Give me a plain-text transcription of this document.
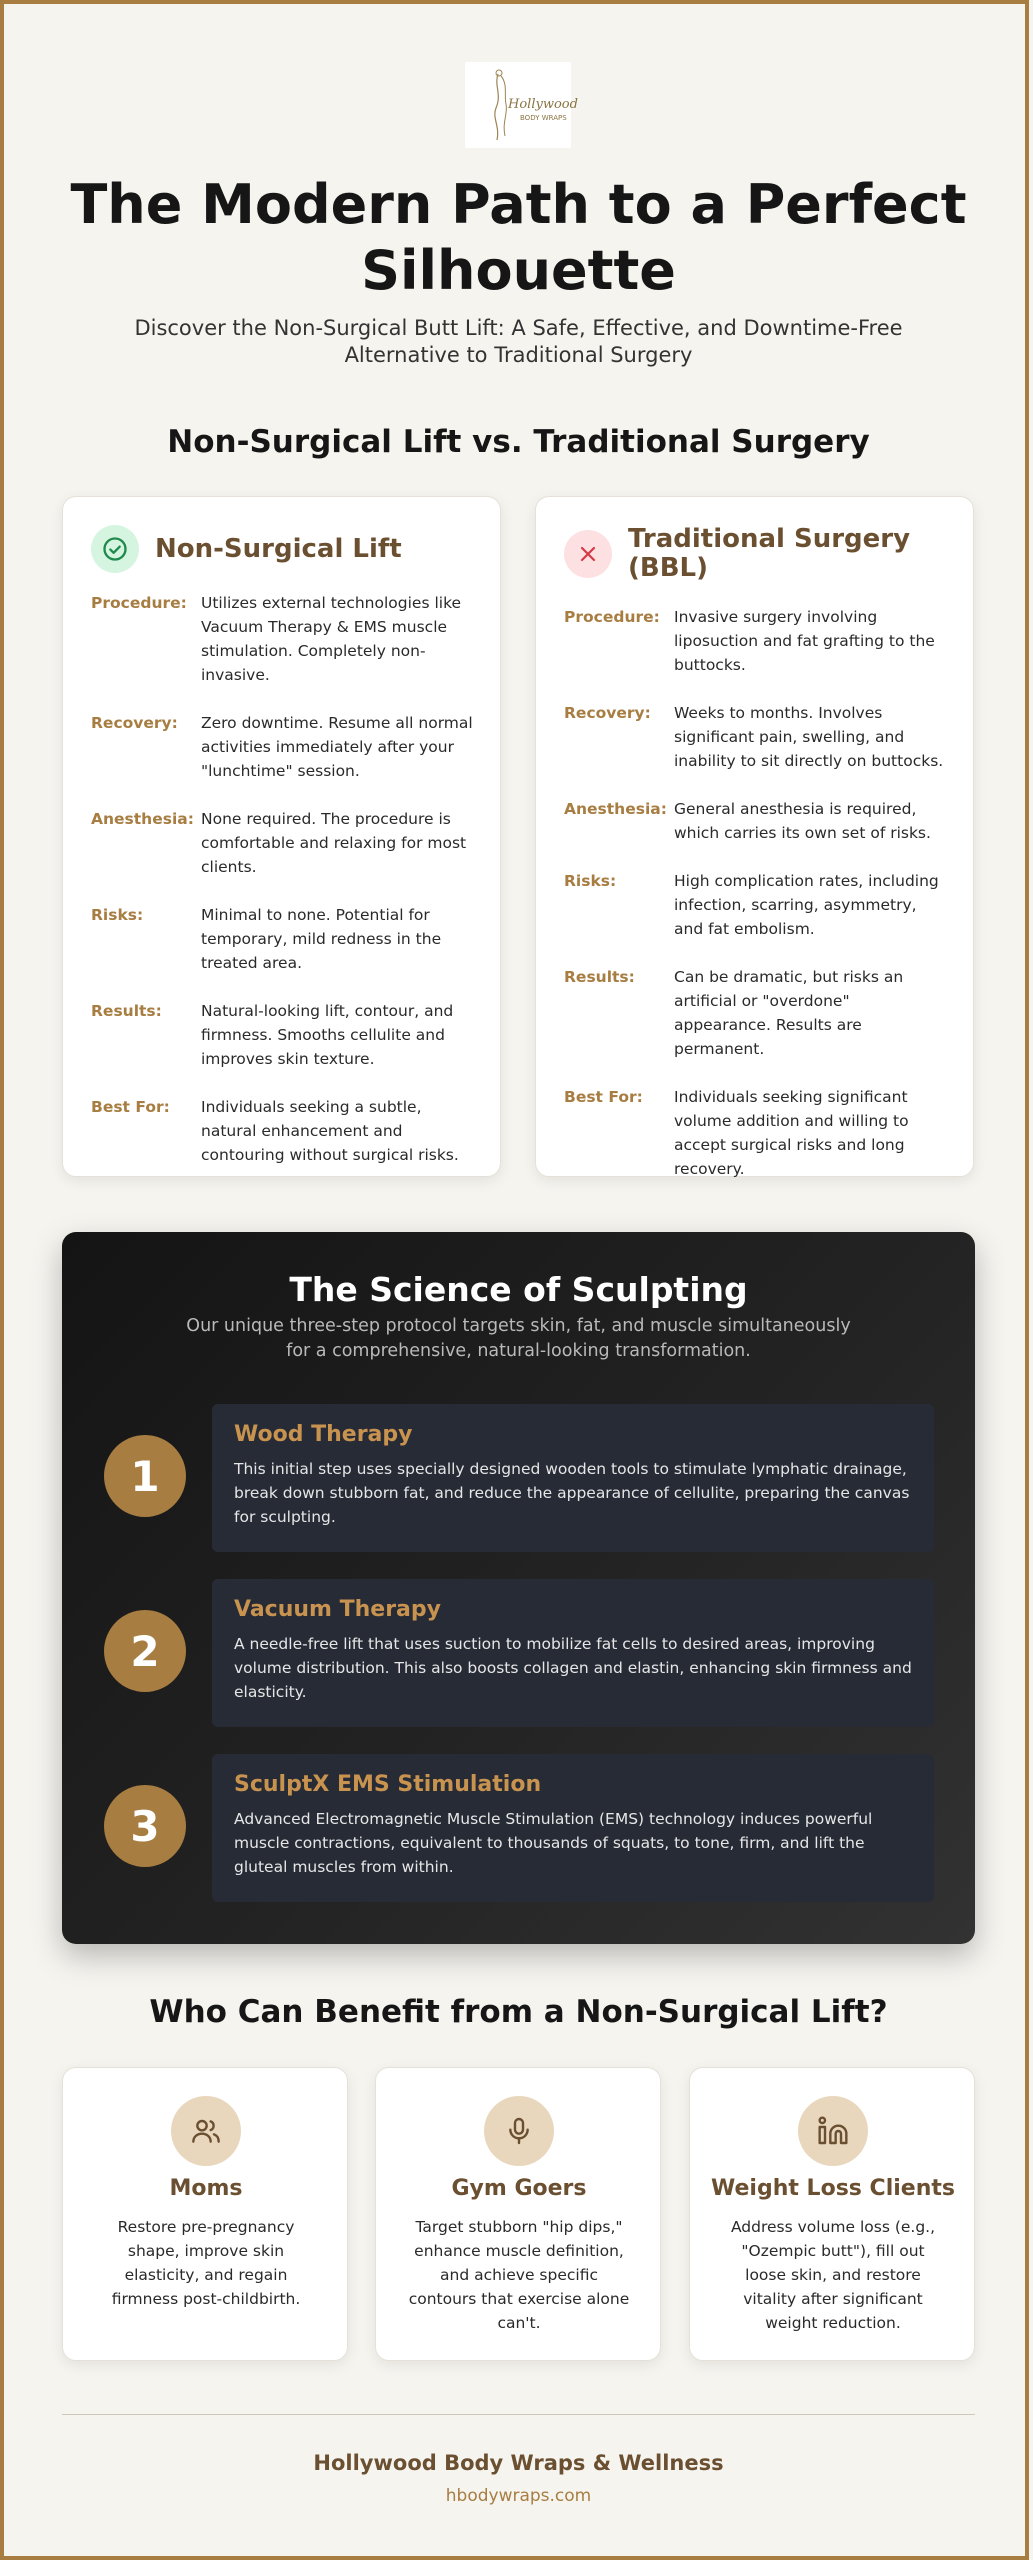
Hollywood
BODY WRAPS
The Modern Path to a Perfect Silhouette
Discover the Non-Surgical Butt Lift: A Safe, Effective, and Downtime-Free Alternative to Traditional Surgery
Non-Surgical Lift vs. Traditional Surgery
Non-Surgical Lift
Procedure: Utilizes external technologies like Vacuum Therapy & EMS muscle stimulation. Completely non-invasive.
Recovery:	Zero downtime. Resume all normal activities immediately after your "lunchtime" session.
Anesthesia: None required. The procedure is comfortable and relaxing for most clients.
Risks:	Minimal to none. Potential for temporary, mild redness in the treated area.
Results:	Natural-looking lift, contour, and firmness. Smooths cellulite and improves skin texture.
Best For:	Individuals seeking a subtle, natural enhancement and contouring without surgical risks.
Traditional Surgery (BBL)
Procedure: Invasive surgery involving liposuction and fat grafting to the buttocks.
Recovery:	Weeks to months. Involves significant pain, swelling, and inability to sit directly on buttocks.
Anesthesia: General anesthesia is required, which carries its own set of risks.
Risks:	High complication rates, including infection, scarring, asymmetry, and fat embolism.
Results:	Can be dramatic, but risks an artificial or "overdone" appearance. Results are permanent.
Best For:	Individuals seeking significant volume addition and willing to accept surgical risks and long recovery.
The Science of Sculpting
Our unique three-step protocol targets skin, fat, and muscle simultaneously for a comprehensive, natural-looking transformation.
1
Wood Therapy
This initial step uses specially designed wooden tools to stimulate lymphatic drainage, break down stubborn fat, and reduce the appearance of cellulite, preparing the canvas for sculpting.
2
Vacuum Therapy
A needle-free lift that uses suction to mobilize fat cells to desired areas, improving volume distribution. This also boosts collagen and elastin, enhancing skin firmness and elasticity.
3
SculptX EMS Stimulation
Advanced Electromagnetic Muscle Stimulation (EMS) technology induces powerful muscle contractions, equivalent to thousands of squats, to tone, firm, and lift the gluteal muscles from within.
Who Can Benefit from a Non-Surgical Lift?
Moms
Restore pre-pregnancy shape, improve skin elasticity, and regain firmness post-childbirth.
Gym Goers
Target stubborn "hip dips," enhance muscle definition, and achieve specific contours that exercise alone can't.
Weight Loss Clients
Address volume loss (e.g., "Ozempic butt"), fill out loose skin, and restore vitality after significant weight reduction.
Hollywood Body Wraps & Wellness
hbodywraps.com
